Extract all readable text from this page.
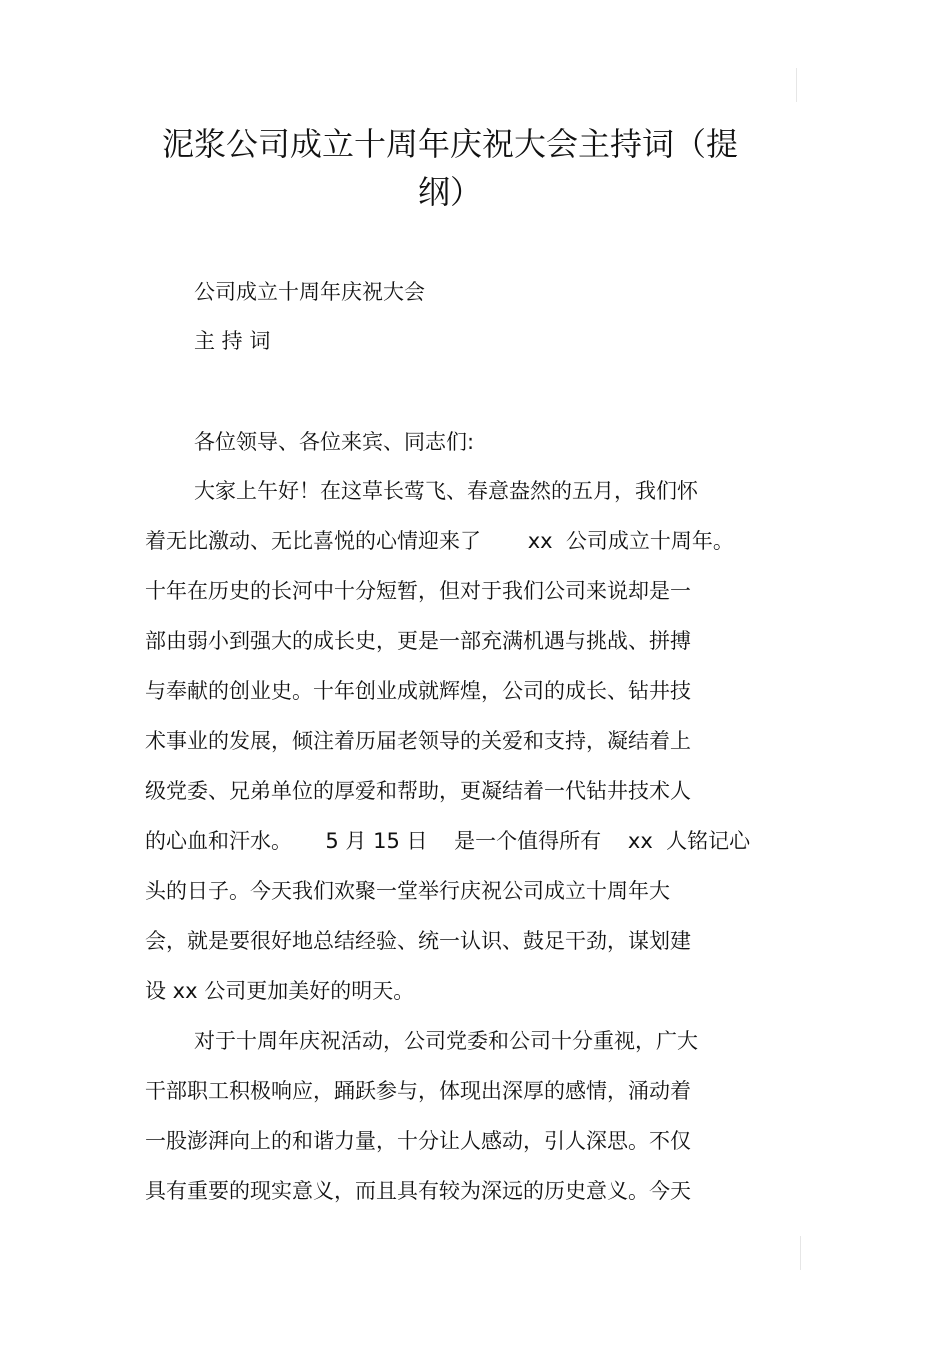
泥浆公司成立十周年庆祝大会主持词（提
纲）
公司成立十周年庆祝大会
主 持 词
各位领导、各位来宾、同志们:
大家上午好！在这草长莺飞、春意盎然的五月，我们怀
着无比激动、无比喜悦的心情迎来了       xx  公司成立十周年。
十年在历史的长河中十分短暂，但对于我们公司来说却是一
部由弱小到强大的成长史，更是一部充满机遇与挑战、拼搏
与奉献的创业史。十年创业成就辉煌，公司的成长、钻井技
术事业的发展，倾注着历届老领导的关爱和支持，凝结着上
级党委、兄弟单位的厚爱和帮助，更凝结着一代钻井技术人
的心血和汗水。     5 月 15 日    是一个值得所有    xx  人铭记心
头的日子。今天我们欢聚一堂举行庆祝公司成立十周年大
会，就是要很好地总结经验、统一认识、鼓足干劲，谋划建
设 xx 公司更加美好的明天。
对于十周年庆祝活动，公司党委和公司十分重视，广大
干部职工积极响应，踊跃参与，体现出深厚的感情，涌动着
一股澎湃向上的和谐力量，十分让人感动，引人深思。不仅
具有重要的现实意义，而且具有较为深远的历史意义。今天
